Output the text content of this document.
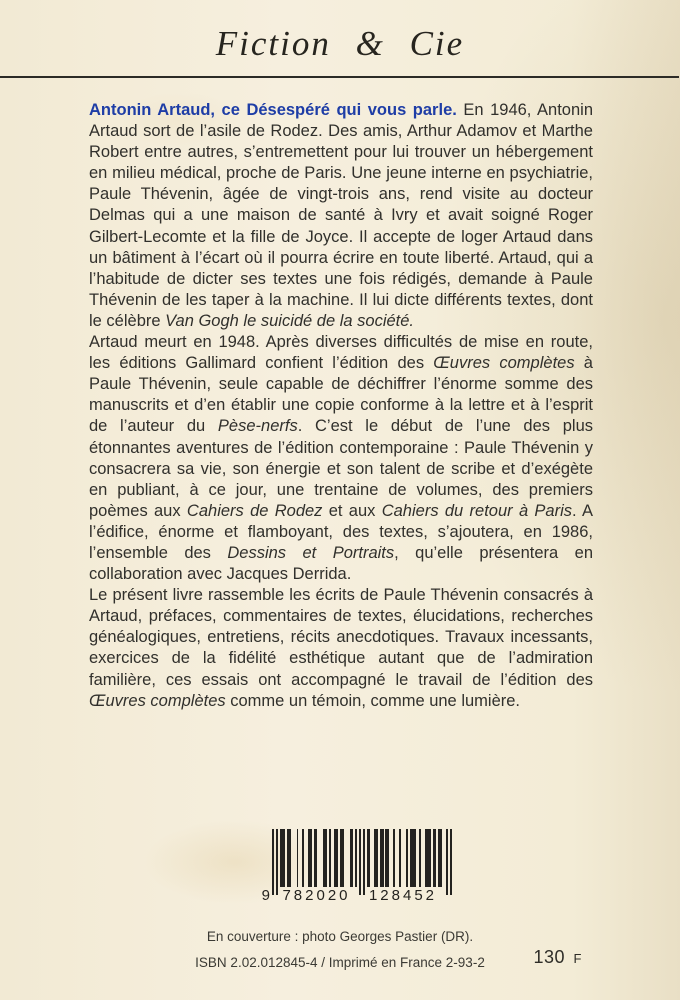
Fiction & Cie

Antonin Artaud, ce Désespéré qui vous parle. En 1946, Antonin Artaud sort de l’asile de Rodez. Des amis, Arthur Adamov et Marthe Robert entre autres, s’entremettent pour lui trouver un hébergement en milieu médical, proche de Paris. Une jeune interne en psychiatrie, Paule Thévenin, âgée de vingt-trois ans, rend visite au docteur Delmas qui a une maison de santé à Ivry et avait soigné Roger Gilbert-Lecomte et la fille de Joyce. Il accepte de loger Artaud dans un bâtiment à l’écart où il pourra écrire en toute liberté. Artaud, qui a l’habitude de dicter ses textes une fois rédigés, demande à Paule Thévenin de les taper à la machine. Il lui dicte différents textes, dont le célèbre Van Gogh le suicidé de la société.

Artaud meurt en 1948. Après diverses difficultés de mise en route, les éditions Gallimard confient l’édition des Œuvres complètes à Paule Thévenin, seule capable de déchiffrer l’énorme somme des manuscrits et d’en établir une copie conforme à la lettre et à l’esprit de l’auteur du Pèse-nerfs. C’est le début de l’une des plus étonnantes aventures de l’édition contemporaine : Paule Thévenin y consacrera sa vie, son énergie et son talent de scribe et d’exégète en publiant, à ce jour, une trentaine de volumes, des premiers poèmes aux Cahiers de Rodez et aux Cahiers du retour à Paris. A l’édifice, énorme et flamboyant, des textes, s’ajoutera, en 1986, l’ensemble des Dessins et Portraits, qu’elle présentera en collaboration avec Jacques Derrida.

Le présent livre rassemble les écrits de Paule Thévenin consacrés à Artaud, préfaces, commentaires de textes, élucidations, recherches généalogiques, entretiens, récits anecdotiques. Travaux incessants, exercices de la fidélité esthétique autant que de l’admiration familière, ces essais ont accompagné le travail de l’édition des Œuvres complètes comme un témoin, comme une lumière.

9 782020	128452
En couverture : photo Georges Pastier (DR).
ISBN 2.02.012845-4 / Imprimé en France 2-93-2	130 F
